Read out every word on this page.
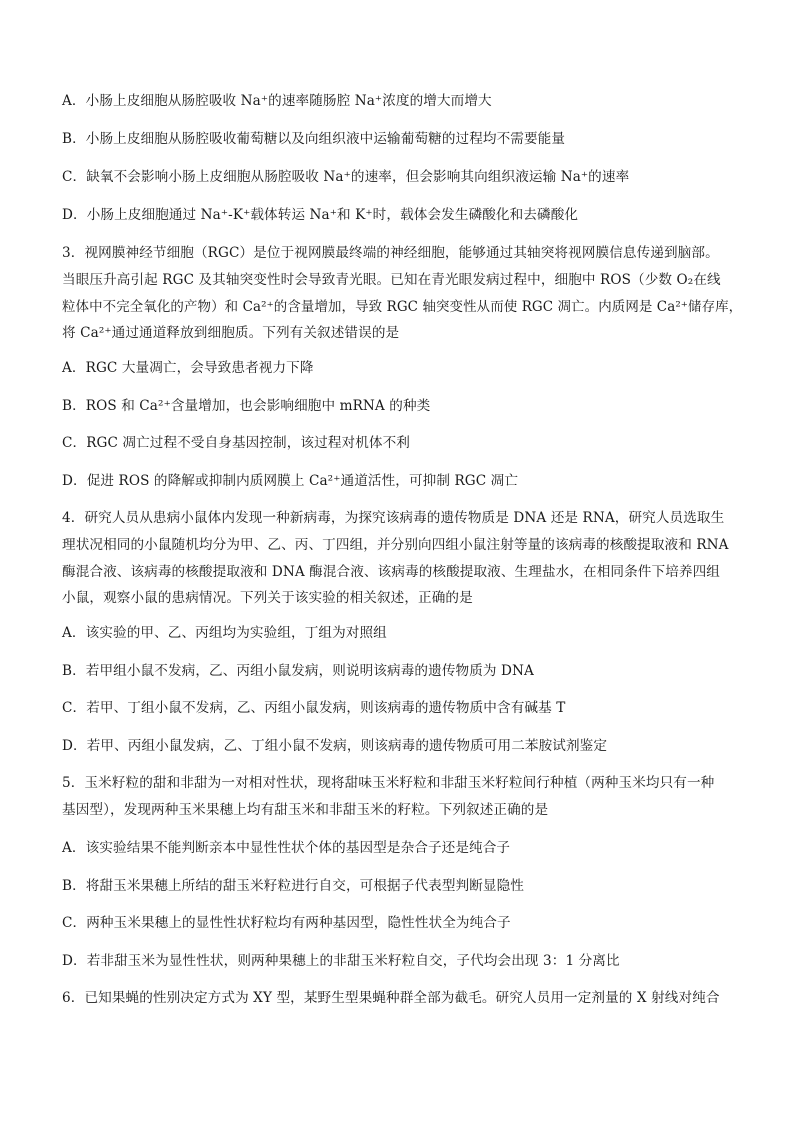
A．小肠上皮细胞从肠腔吸收 Na⁺的速率随肠腔 Na⁺浓度的增大而增大
B．小肠上皮细胞从肠腔吸收葡萄糖以及向组织液中运输葡萄糖的过程均不需要能量
C．缺氧不会影响小肠上皮细胞从肠腔吸收 Na⁺的速率，但会影响其向组织液运输 Na⁺的速率
D．小肠上皮细胞通过 Na⁺-K⁺载体转运 Na⁺和 K⁺时，载体会发生磷酸化和去磷酸化
3．视网膜神经节细胞（RGC）是位于视网膜最终端的神经细胞，能够通过其轴突将视网膜信息传递到脑部。
当眼压升高引起 RGC 及其轴突变性时会导致青光眼。已知在青光眼发病过程中，细胞中 ROS（少数 O₂在线
粒体中不完全氧化的产物）和 Ca²⁺的含量增加，导致 RGC 轴突变性从而使 RGC 凋亡。内质网是 Ca²⁺储存库，
将 Ca²⁺通过通道释放到细胞质。下列有关叙述错误的是
A．RGC 大量凋亡，会导致患者视力下降
B．ROS 和 Ca²⁺含量增加，也会影响细胞中 mRNA 的种类
C．RGC 凋亡过程不受自身基因控制，该过程对机体不利
D．促进 ROS 的降解或抑制内质网膜上 Ca²⁺通道活性，可抑制 RGC 凋亡
4．研究人员从患病小鼠体内发现一种新病毒，为探究该病毒的遗传物质是 DNA 还是 RNA，研究人员选取生
理状况相同的小鼠随机均分为甲、乙、丙、丁四组，并分别向四组小鼠注射等量的该病毒的核酸提取液和 RNA
酶混合液、该病毒的核酸提取液和 DNA 酶混合液、该病毒的核酸提取液、生理盐水，在相同条件下培养四组
小鼠，观察小鼠的患病情况。下列关于该实验的相关叙述，正确的是
A．该实验的甲、乙、丙组均为实验组，丁组为对照组
B．若甲组小鼠不发病，乙、丙组小鼠发病，则说明该病毒的遗传物质为 DNA
C．若甲、丁组小鼠不发病，乙、丙组小鼠发病，则该病毒的遗传物质中含有碱基 T
D．若甲、丙组小鼠发病，乙、丁组小鼠不发病，则该病毒的遗传物质可用二苯胺试剂鉴定
5．玉米籽粒的甜和非甜为一对相对性状，现将甜味玉米籽粒和非甜玉米籽粒间行种植（两种玉米均只有一种
基因型），发现两种玉米果穗上均有甜玉米和非甜玉米的籽粒。下列叙述正确的是
A．该实验结果不能判断亲本中显性性状个体的基因型是杂合子还是纯合子
B．将甜玉米果穗上所结的甜玉米籽粒进行自交，可根据子代表型判断显隐性
C．两种玉米果穗上的显性性状籽粒均有两种基因型，隐性性状全为纯合子
D．若非甜玉米为显性性状，则两种果穗上的非甜玉米籽粒自交，子代均会出现 3：1 分离比
6．已知果蝇的性别决定方式为 XY 型，某野生型果蝇种群全部为截毛。研究人员用一定剂量的 X 射线对纯合
